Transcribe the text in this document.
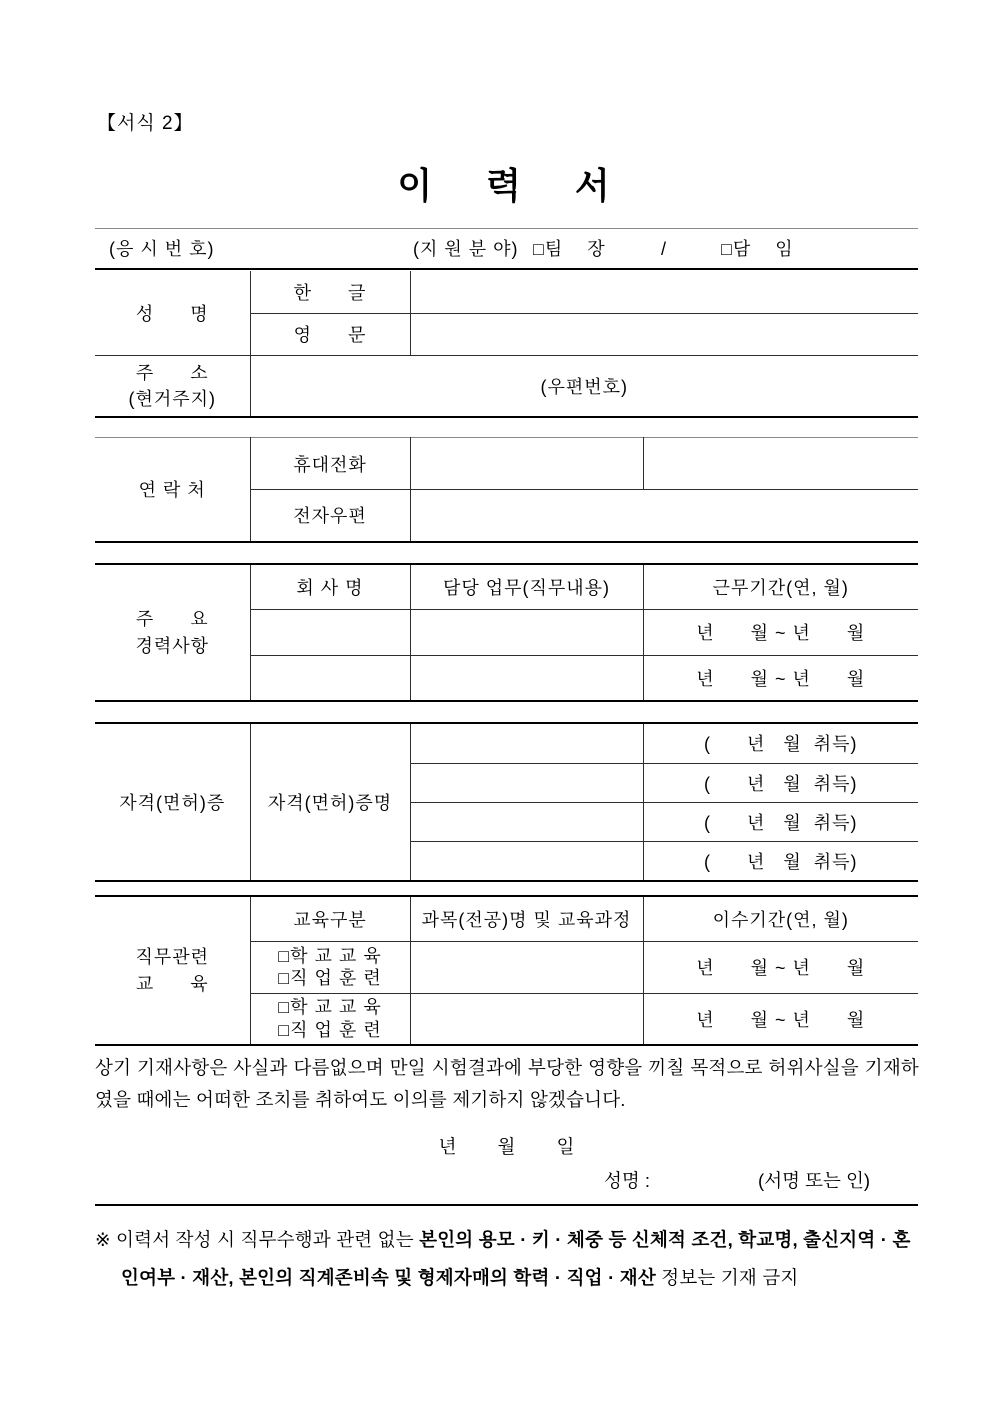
【서식 2】
이   력   서
(응 시 번 호)	(지 원 분 야) □팀    장	/	□담    임
성      명	한      글	
	영      문	

주      소
(현거주지)	(우편번호)	
연 락 처	휴대전화		
	전자우편		
주      요
경력사항	회 사 명	담당 업무(직무내용)	근무기간(연, 월)
			년      월 ~ 년      월
			년      월 ~ 년      월
자격(면허)증	자격(면허)증명		(      년   월  취득)
			(      년   월  취득)
			(      년   월  취득)
			(      년   월  취득)
직무관련
교      육	교육구분	과목(전공)명 및 교육과정	이수기간(연, 월)

	□학 교 교 육
□직 업 훈 련		년      월 ~ 년      월

	□학 교 교 육
□직 업 훈 련		년      월 ~ 년      월
상기 기재사항은 사실과 다름없으며 만일 시험결과에 부당한 영향을 끼칠 목적으로 허위사실을 기재하였을 때에는 어떠한 조치를 취하여도 이의를 제기하지 않겠습니다.
년        월        일
성명 :	(서명 또는 인)
※ 이력서 작성 시 직무수행과 관련 없는 본인의 용모 · 키 · 체중 등 신체적 조건, 학교명, 출신지역 · 혼인여부 · 재산, 본인의 직계존비속 및 형제자매의 학력 · 직업 · 재산 정보는 기재 금지
